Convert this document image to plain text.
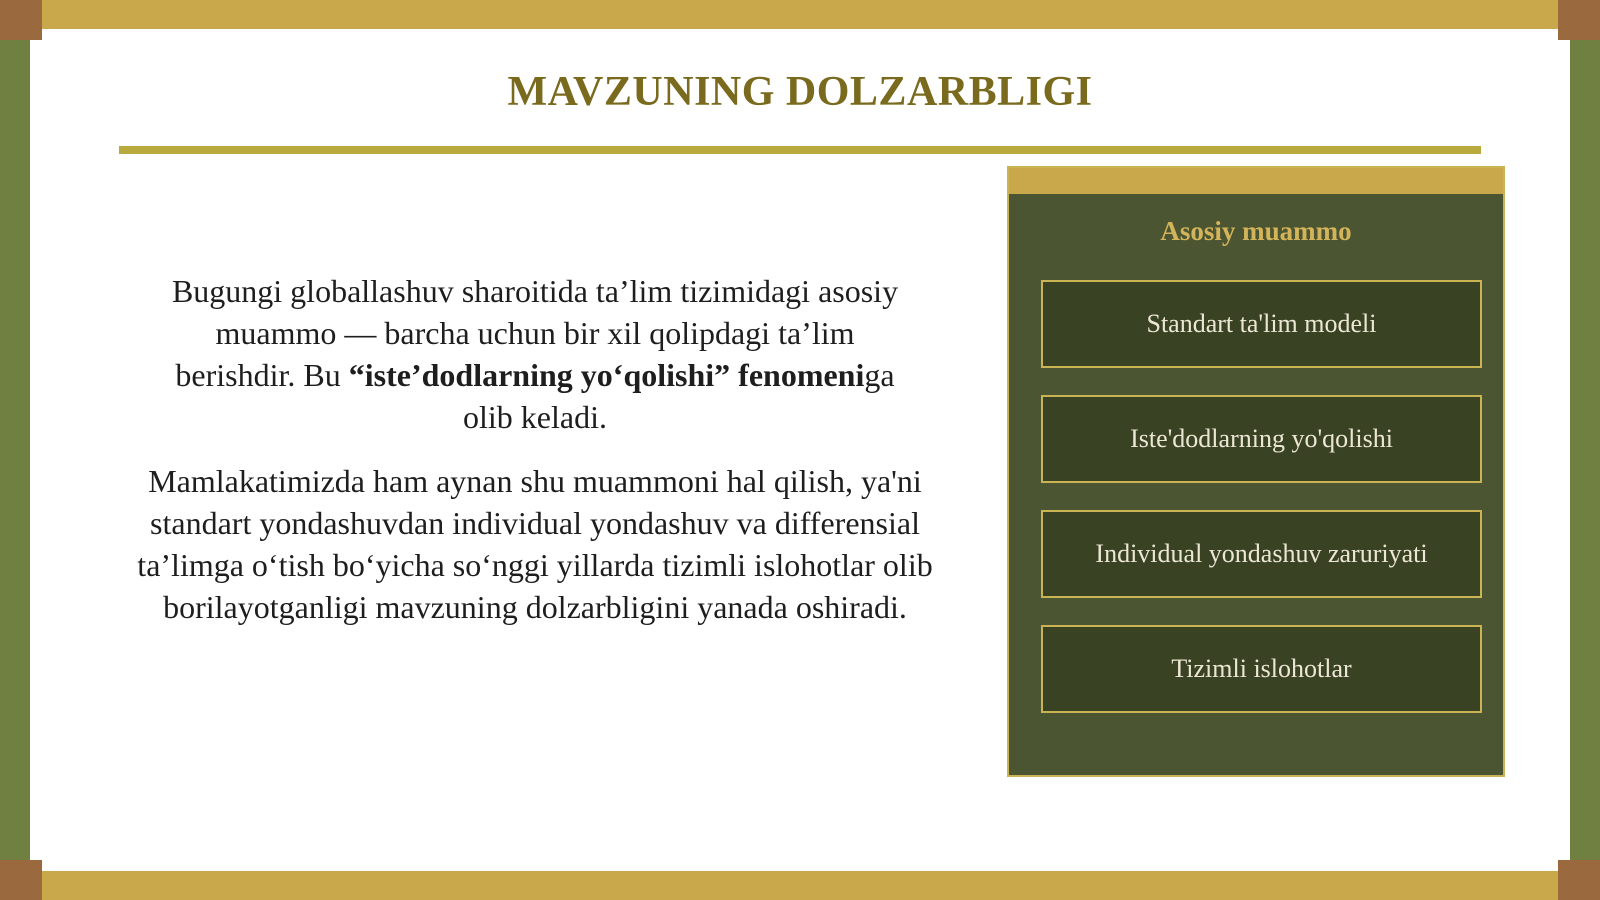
MAVZUNING DOLZARBLIGI

Bugungi globallashuv sharoitida ta’lim tizimidagi asosiy muammo — barcha uchun bir xil qolipdagi ta’lim berishdir. Bu “iste’dodlarning yo‘qolishi” fenomeniga olib keladi.

Mamlakatimizda ham aynan shu muammoni hal qilish, ya'ni standart yondashuvdan individual yondashuv va differensial ta’limga o‘tish bo‘yicha so‘nggi yillarda tizimli islohotlar olib borilayotganligi mavzuning dolzarbligini yanada oshiradi.

Asosiy muammo
Standart ta'lim modeli
Iste'dodlarning yo'qolishi
Individual yondashuv zaruriyati
Tizimli islohotlar
